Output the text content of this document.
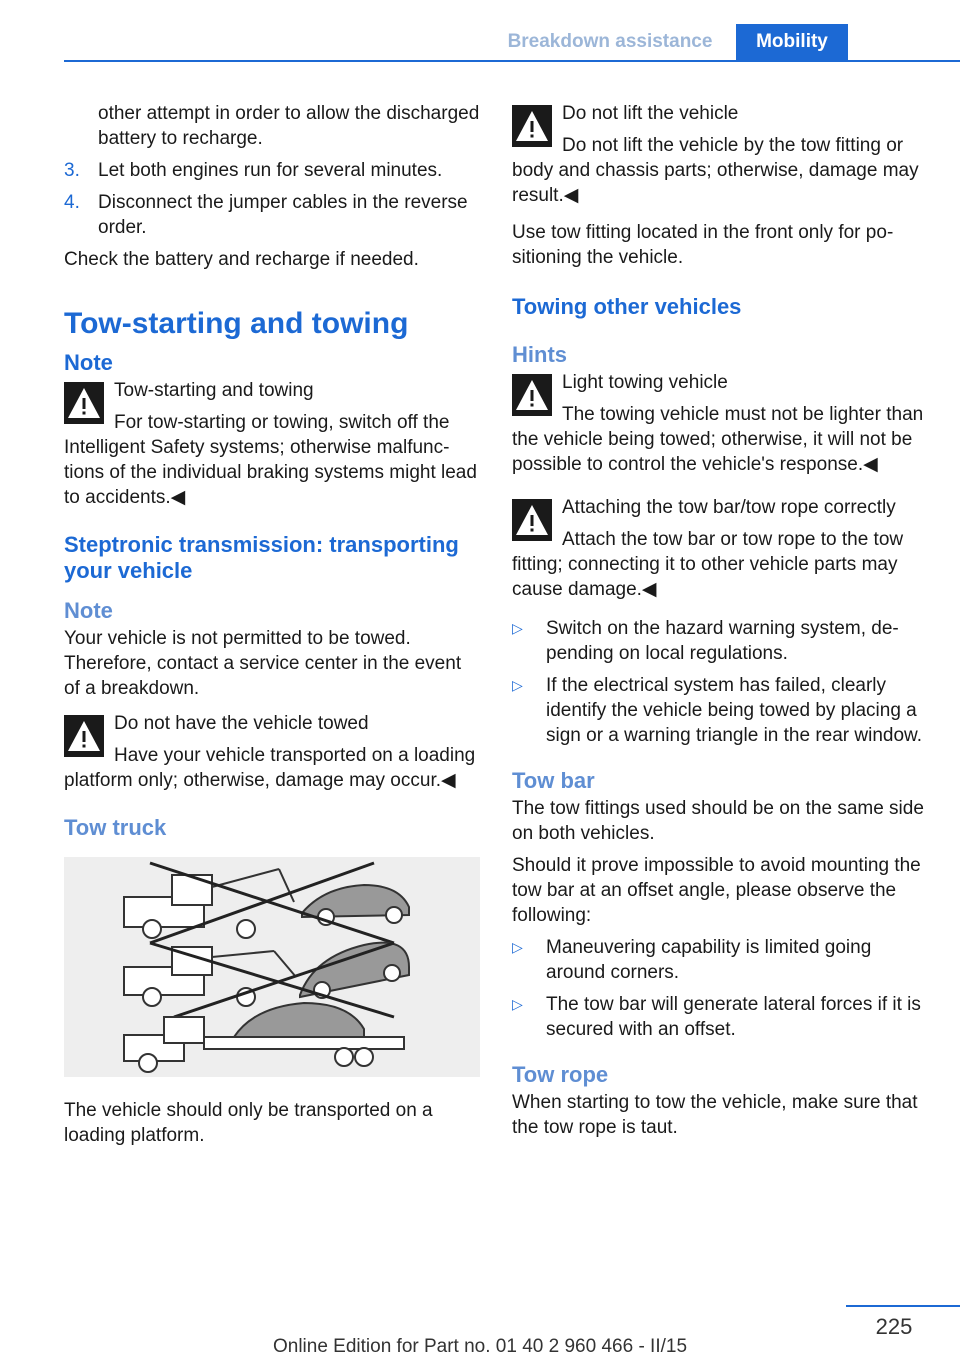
Breakdown assistance	Mobility

other attempt in order to allow the discharged battery to recharge.

3. Let both engines run for several minutes.
4. Disconnect the jumper cables in the reverse order.

Check the battery and recharge if needed.

Tow-starting and towing
Note
Tow-starting and towing
For tow-starting or towing, switch off the Intelligent Safety systems; otherwise malfunctions of the individual braking systems might lead to accidents.◀
Steptronic transmission: transporting your vehicle
Note

Your vehicle is not permitted to be towed. Therefore, contact a service center in the event of a breakdown.

Do not have the vehicle towed
Have your vehicle transported on a loading platform only; otherwise, damage may occur.◀
Tow truck

The vehicle should only be transported on a loading platform.

Do not lift the vehicle
Do not lift the vehicle by the tow fitting or body and chassis parts; otherwise, damage may result.◀

Use tow fitting located in the front only for positioning the vehicle.

Towing other vehicles
Hints
Light towing vehicle
The towing vehicle must not be lighter than the vehicle being towed; otherwise, it will not be possible to control the vehicle's response.◀
Attaching the tow bar/tow rope correctly
Attach the tow bar or tow rope to the tow fitting; connecting it to other vehicle parts may cause damage.◀
▷ Switch on the hazard warning system, depending on local regulations.
▷ If the electrical system has failed, clearly identify the vehicle being towed by placing a sign or a warning triangle in the rear window.
Tow bar

The tow fittings used should be on the same side on both vehicles.

Should it prove impossible to avoid mounting the tow bar at an offset angle, please observe the following:

▷ Maneuvering capability is limited going around corners.
▷ The tow bar will generate lateral forces if it is secured with an offset.
Tow rope

When starting to tow the vehicle, make sure that the tow rope is taut.

225
Online Edition for Part no. 01 40 2 960 466 - II/15
